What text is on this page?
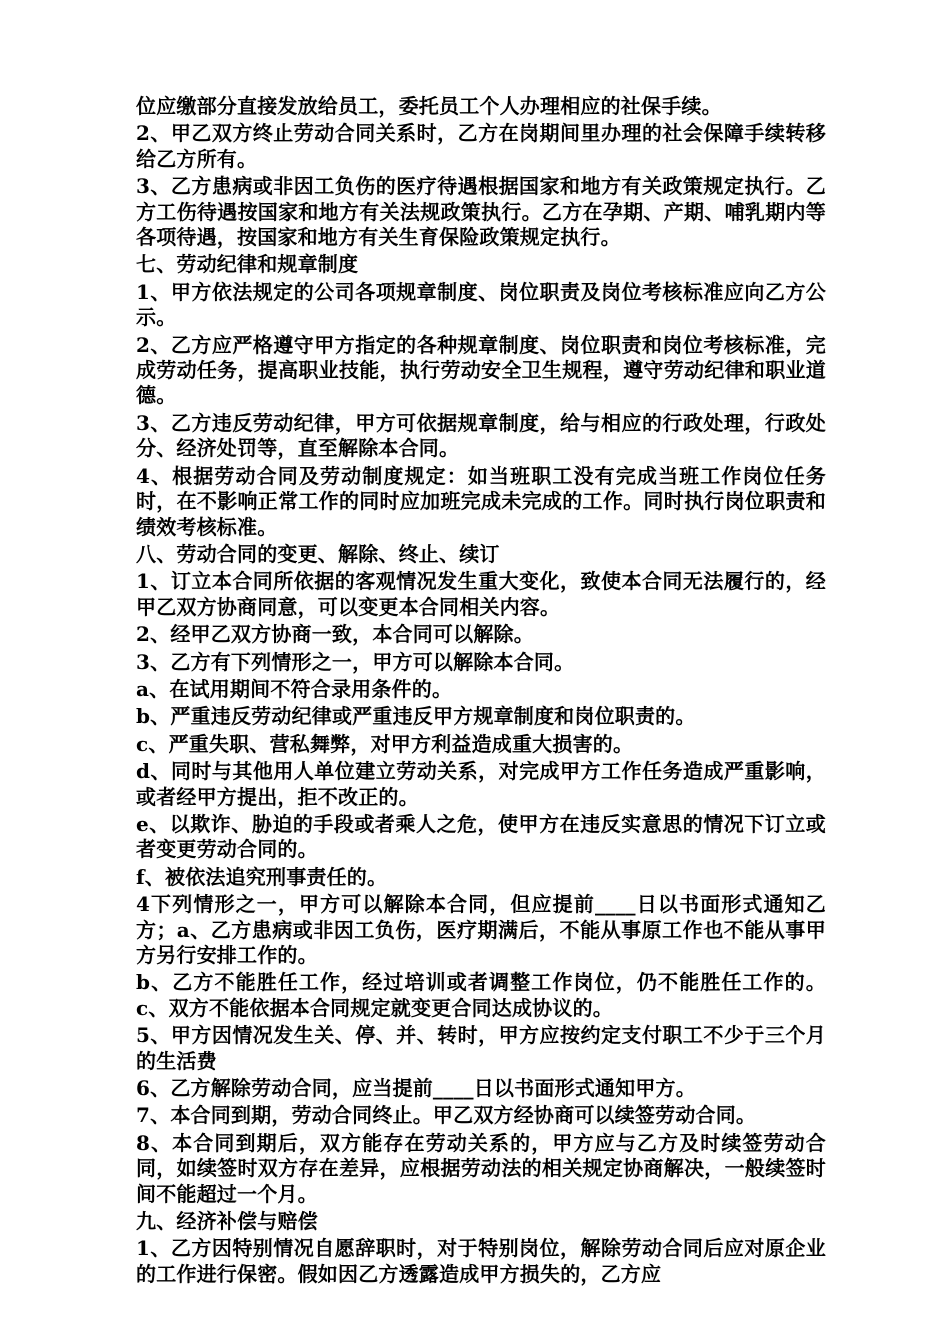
位应缴部分直接发放给员工，委托员工个人办理相应的社保手续。

2、甲乙双方终止劳动合同关系时，乙方在岗期间里办理的社会保障手续转移给乙方所有。

3、乙方患病或非因工负伤的医疗待遇根据国家和地方有关政策规定执行。乙方工伤待遇按国家和地方有关法规政策执行。乙方在孕期、产期、哺乳期内等各项待遇，按国家和地方有关生育保险政策规定执行。

七、劳动纪律和规章制度

1、甲方依法规定的公司各项规章制度、岗位职责及岗位考核标准应向乙方公示。

2、乙方应严格遵守甲方指定的各种规章制度、岗位职责和岗位考核标准，完成劳动任务，提高职业技能，执行劳动安全卫生规程，遵守劳动纪律和职业道德。

3、乙方违反劳动纪律，甲方可依据规章制度，给与相应的行政处理，行政处分、经济处罚等，直至解除本合同。

4、根据劳动合同及劳动制度规定：如当班职工没有完成当班工作岗位任务时，在不影响正常工作的同时应加班完成未完成的工作。同时执行岗位职责和绩效考核标准。

八、劳动合同的变更、解除、终止、续订

1、订立本合同所依据的客观情况发生重大变化，致使本合同无法履行的，经甲乙双方协商同意，可以变更本合同相关内容。

2、经甲乙双方协商一致，本合同可以解除。

3、乙方有下列情形之一，甲方可以解除本合同。

a、在试用期间不符合录用条件的。

b、严重违反劳动纪律或严重违反甲方规章制度和岗位职责的。

c、严重失职、营私舞弊，对甲方利益造成重大损害的。

d、同时与其他用人单位建立劳动关系，对完成甲方工作任务造成严重影响，或者经甲方提出，拒不改正的。

e、以欺诈、胁迫的手段或者乘人之危，使甲方在违反实意思的情况下订立或者变更劳动合同的。

f、被依法追究刑事责任的。

4下列情形之一，甲方可以解除本合同，但应提前____日以书面形式通知乙方；a、乙方患病或非因工负伤，医疗期满后，不能从事原工作也不能从事甲方另行安排工作的。

b、乙方不能胜任工作，经过培训或者调整工作岗位，仍不能胜任工作的。c、双方不能依据本合同规定就变更合同达成协议的。

5、甲方因情况发生关、停、并、转时，甲方应按约定支付职工不少于三个月的生活费

6、乙方解除劳动合同，应当提前____日以书面形式通知甲方。

7、本合同到期，劳动合同终止。甲乙双方经协商可以续签劳动合同。

8、本合同到期后，双方能存在劳动关系的，甲方应与乙方及时续签劳动合同，如续签时双方存在差异，应根据劳动法的相关规定协商解决，一般续签时间不能超过一个月。

九、经济补偿与赔偿

1、乙方因特别情况自愿辞职时，对于特别岗位，解除劳动合同后应对原企业的工作进行保密。假如因乙方透露造成甲方损失的，乙方应
